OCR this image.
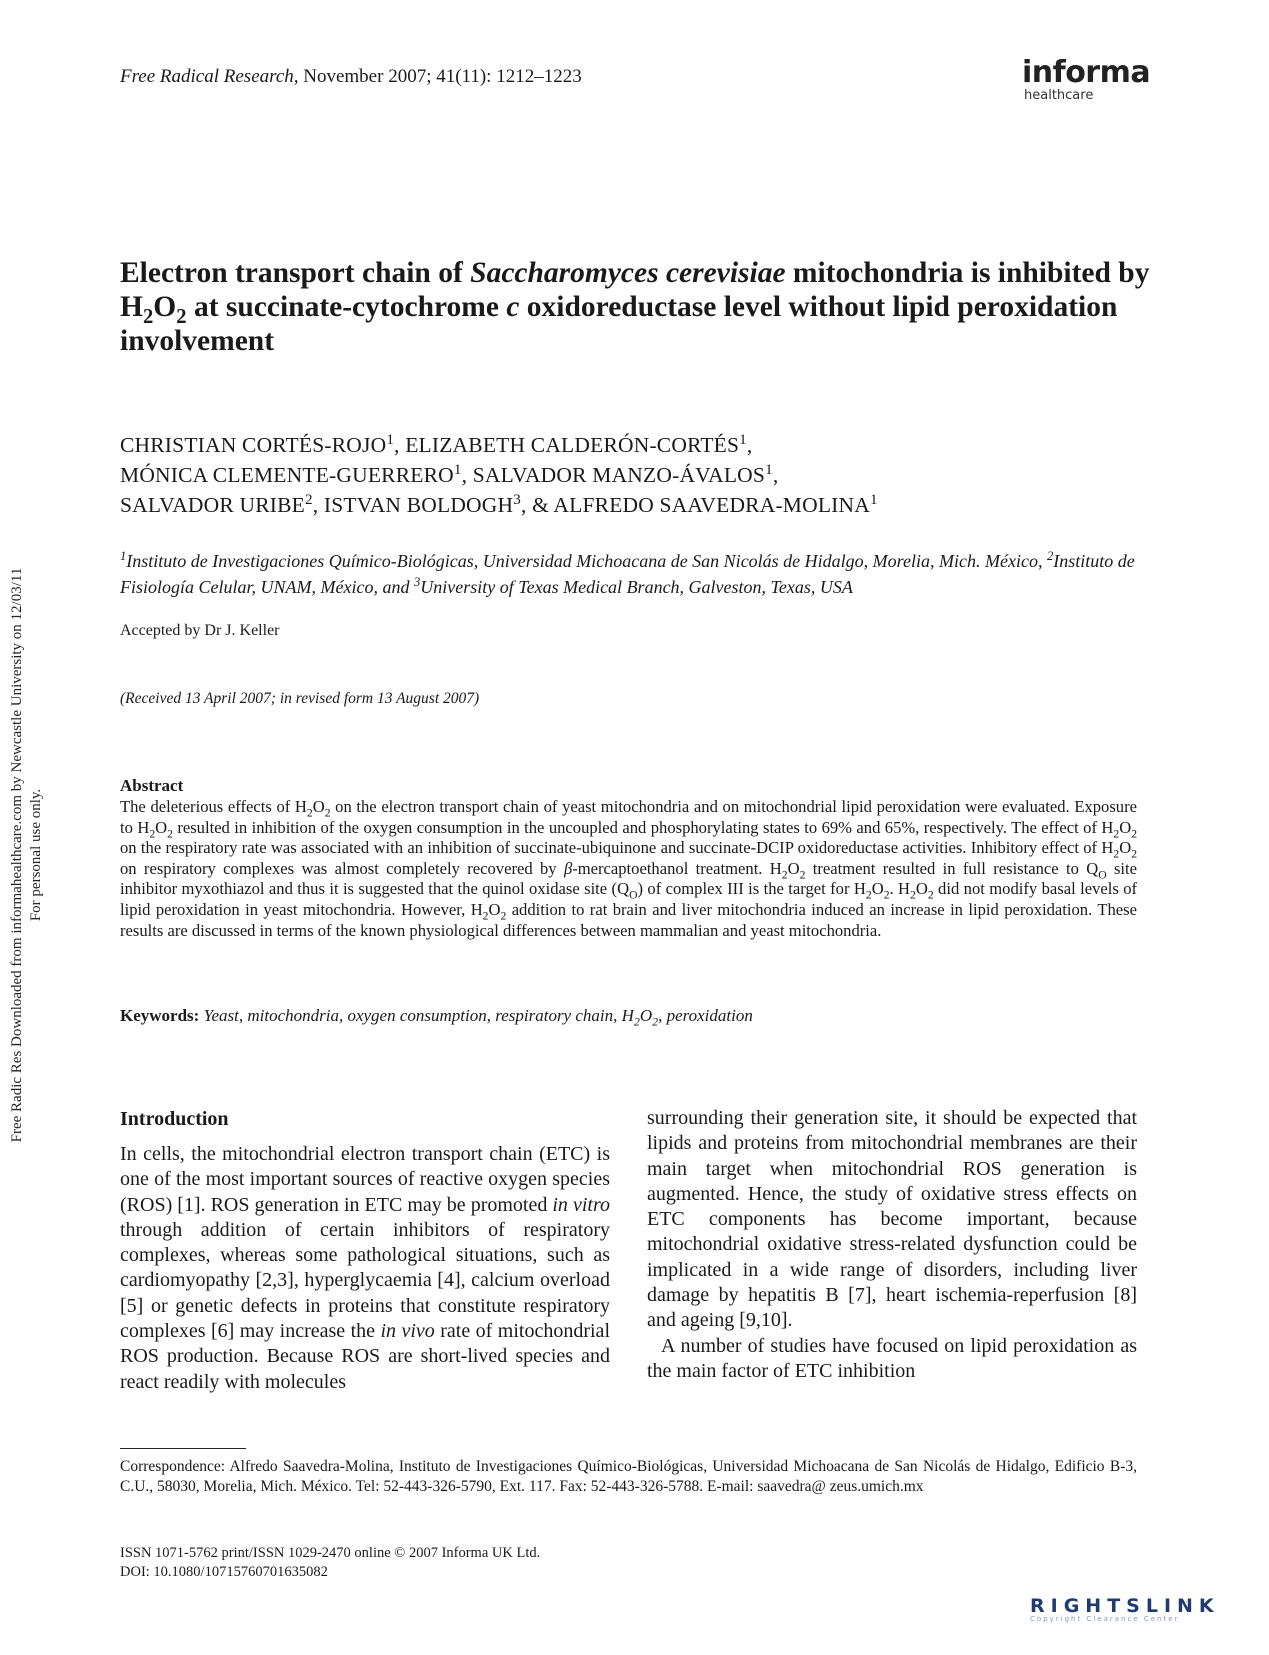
Free Radical Research, November 2007; 41(11): 1212–1223	informa
healthcare
Free Radic Res Downloaded from informahealthcare.com by Newcastle University on 12/03/11 For personal use only.
Electron transport chain of Saccharomyces cerevisiae mitochondria is inhibited by $H_2O_2$ at succinate-cytochrome c oxidoreductase level without lipid peroxidation involvement
CHRISTIAN CORTÉS-ROJO$^1$, ELIZABETH CALDERÓN-CORTÉS$^1$,
MÓNICA CLEMENTE-GUERRERO$^1$, SALVADOR MANZO-ÁVALOS$^1$,
SALVADOR URIBE$^2$, ISTVAN BOLDOGH$^3$, & ALFREDO SAAVEDRA-MOLINA$^1$
$^1$Instituto de Investigaciones Químico-Biológicas, Universidad Michoacana de San Nicolás de Hidalgo, Morelia, Mich. México, $^2$Instituto de Fisiología Celular, UNAM, México, and $^3$University of Texas Medical Branch, Galveston, Texas, USA
Accepted by Dr J. Keller
(Received 13 April 2007; in revised form 13 August 2007)
Abstract
The deleterious effects of $H_2O_2$ on the electron transport chain of yeast mitochondria and on mitochondrial lipid peroxidation were evaluated. Exposure to $H_2O_2$ resulted in inhibition of the oxygen consumption in the uncoupled and phosphorylating states to 69% and 65%, respectively. The effect of $H_2O_2$ on the respiratory rate was associated with an inhibition of succinate-ubiquinone and succinate-DCIP oxidoreductase activities. Inhibitory effect of $H_2O_2$ on respiratory complexes was almost completely recovered by β-mercaptoethanol treatment. $H_2O_2$ treatment resulted in full resistance to $Q_O$ site inhibitor myxothiazol and thus it is suggested that the quinol oxidase site $(Q_O)$ of complex III is the target for $H_2O_2$. $H_2O_2$ did not modify basal levels of lipid peroxidation in yeast mitochondria. However, $H_2O_2$ addition to rat brain and liver mitochondria induced an increase in lipid peroxidation. These results are discussed in terms of the known physiological differences between mammalian and yeast mitochondria.
Keywords: Yeast, mitochondria, oxygen consumption, respiratory chain, $H_2O_2$, peroxidation
Introduction
In cells, the mitochondrial electron transport chain (ETC) is one of the most important sources of reactive oxygen species (ROS) [1]. ROS generation in ETC may be promoted in vitro through addition of certain inhibitors of respiratory complexes, whereas some pathological situations, such as cardiomyopathy [2,3], hyperglycaemia [4], calcium overload [5] or genetic defects in proteins that constitute respiratory complexes [6] may increase the in vivo rate of mitochondrial ROS production. Because ROS are short-lived species and react readily with molecules
surrounding their generation site, it should be expected that lipids and proteins from mitochondrial membranes are their main target when mitochondrial ROS generation is augmented. Hence, the study of oxidative stress effects on ETC components has become important, because mitochondrial oxidative stress-related dysfunction could be implicated in a wide range of disorders, including liver damage by hepatitis B [7], heart ischemia-reperfusion [8] and ageing [9,10].
A number of studies have focused on lipid peroxidation as the main factor of ETC inhibition
Correspondence: Alfredo Saavedra-Molina, Instituto de Investigaciones Químico-Biológicas, Universidad Michoacana de San Nicolás de Hidalgo, Edificio B-3, C.U., 58030, Morelia, Mich. México. Tel: 52-443-326-5790, Ext. 117. Fax: 52-443-326-5788. E-mail: saavedra@ zeus.umich.mx
ISSN 1071-5762 print/ISSN 1029-2470 online © 2007 Informa UK Ltd.
DOI: 10.1080/10715760701635082
RIGHTSLINK
Copyright Clearance Center
